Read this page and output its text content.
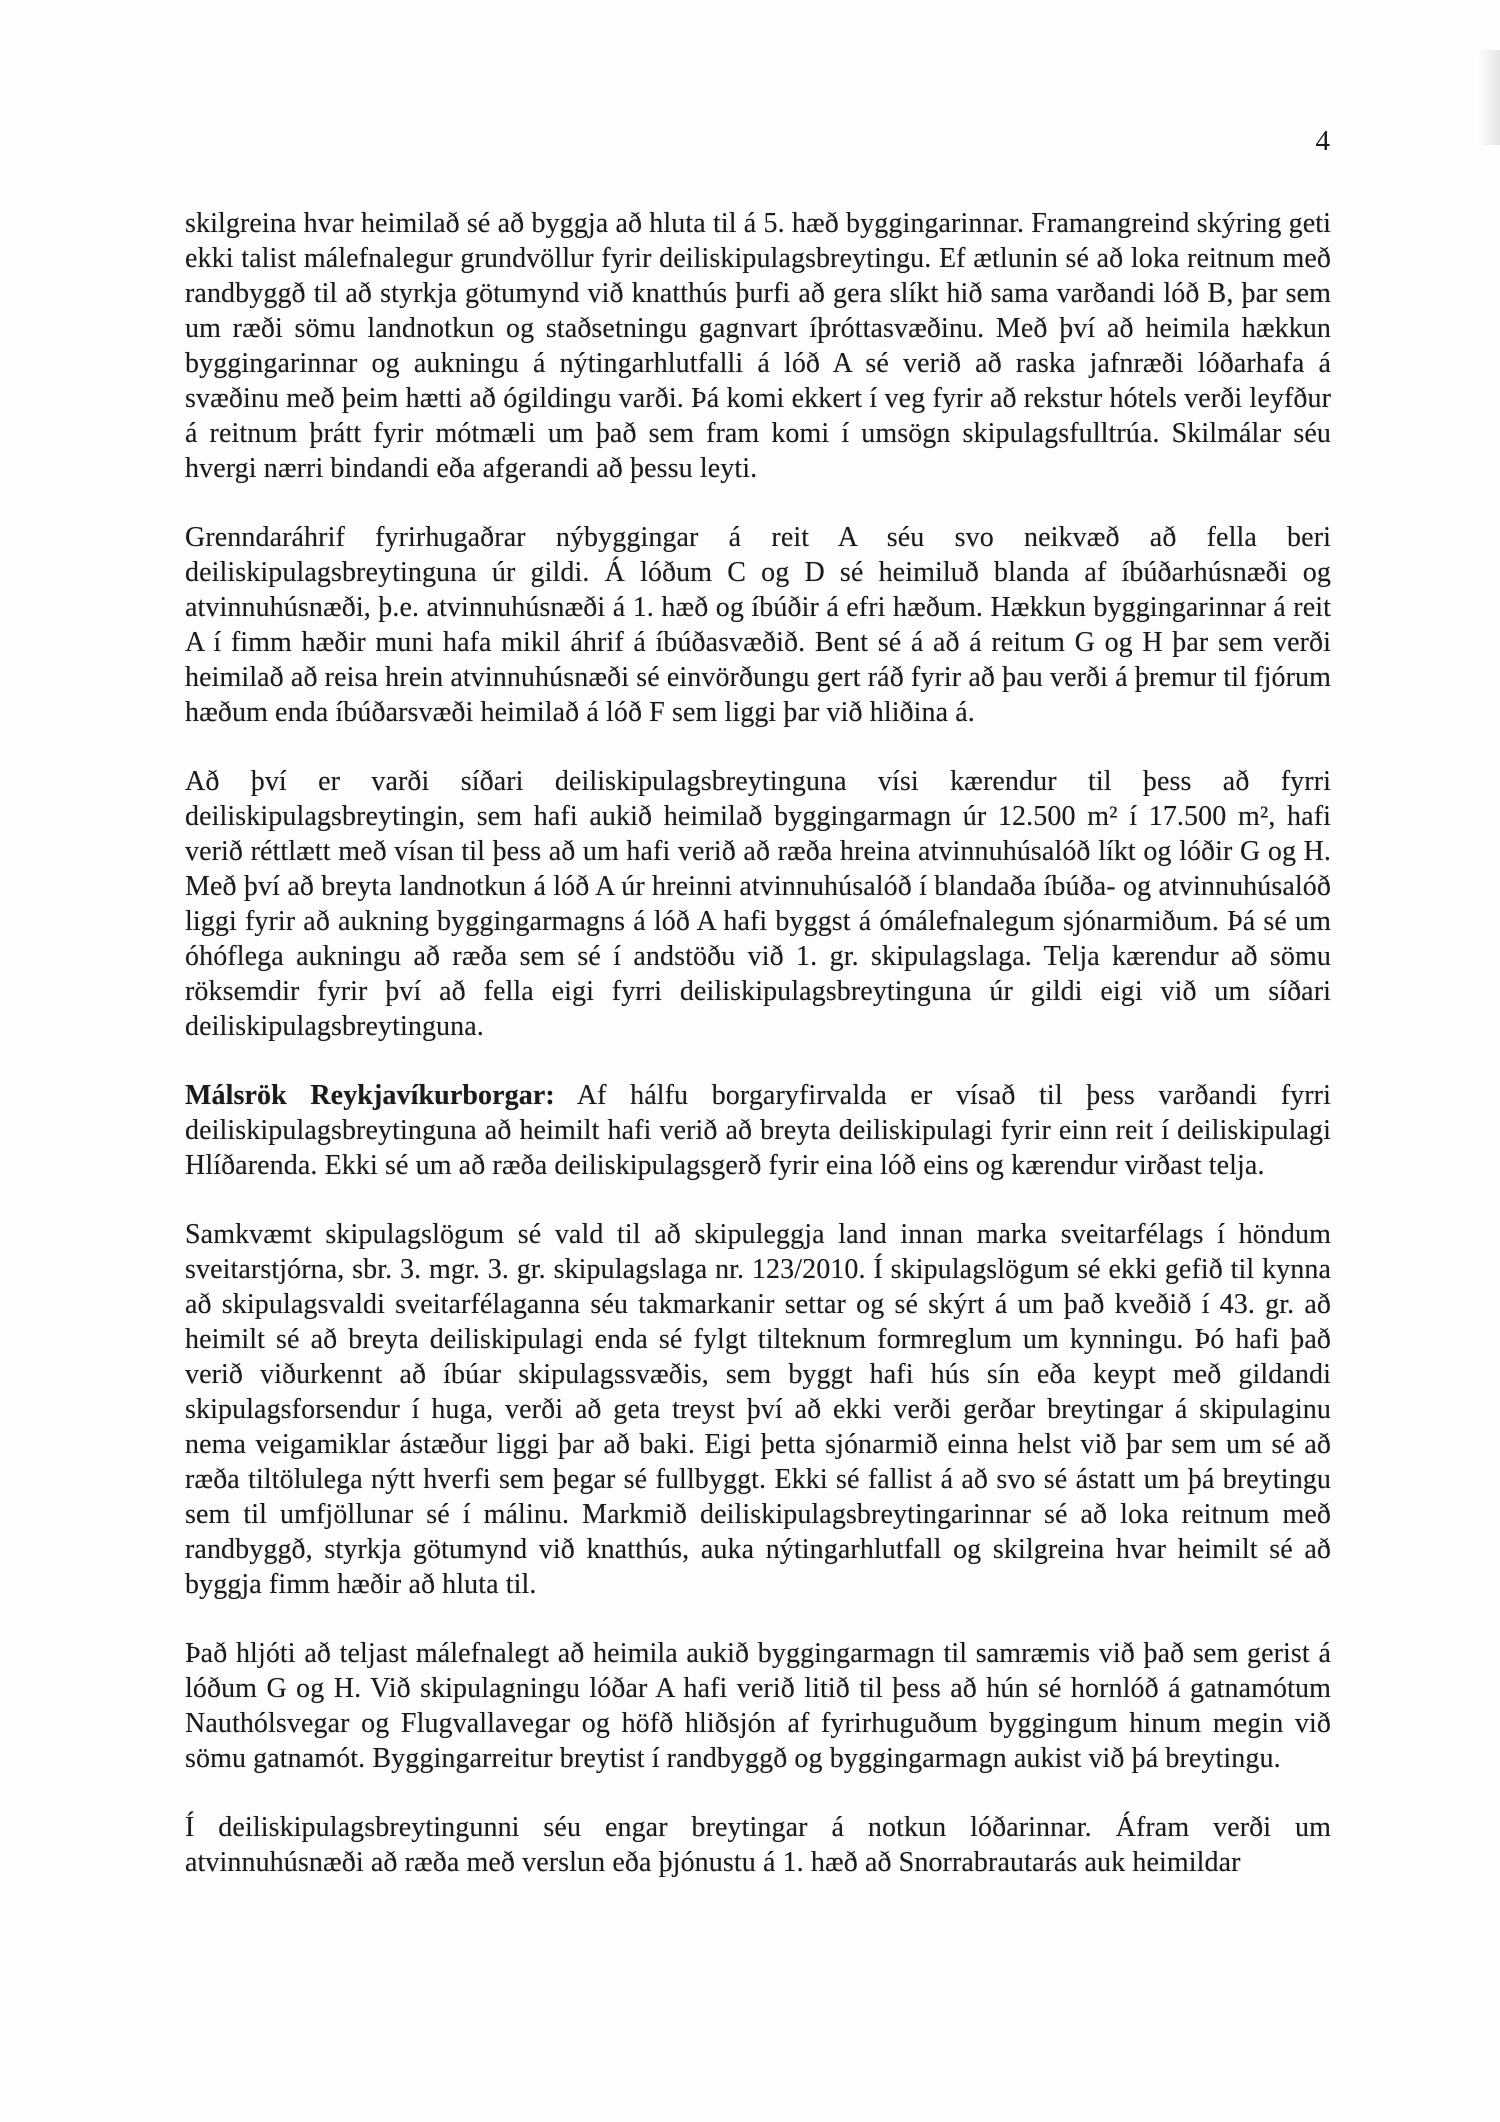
4

skilgreina hvar heimilað sé að byggja að hluta til á 5. hæð byggingarinnar. Framangreind skýring geti ekki talist málefnalegur grundvöllur fyrir deiliskipulagsbreytingu. Ef ætlunin sé að loka reitnum með randbyggð til að styrkja götumynd við knatthús þurfi að gera slíkt hið sama varðandi lóð B, þar sem um ræði sömu landnotkun og staðsetningu gagnvart íþróttasvæðinu. Með því að heimila hækkun byggingarinnar og aukningu á nýtingarhlutfalli á lóð A sé verið að raska jafnræði lóðarhafa á svæðinu með þeim hætti að ógildingu varði. Þá komi ekkert í veg fyrir að rekstur hótels verði leyfður á reitnum þrátt fyrir mótmæli um það sem fram komi í umsögn skipulagsfulltrúa. Skilmálar séu hvergi nærri bindandi eða afgerandi að þessu leyti.

Grenndaráhrif fyrirhugaðrar nýbyggingar á reit A séu svo neikvæð að fella beri deiliskipulagsbreytinguna úr gildi. Á lóðum C og D sé heimiluð blanda af íbúðarhúsnæði og atvinnuhúsnæði, þ.e. atvinnuhúsnæði á 1. hæð og íbúðir á efri hæðum. Hækkun byggingarinnar á reit A í fimm hæðir muni hafa mikil áhrif á íbúðasvæðið. Bent sé á að á reitum G og H þar sem verði heimilað að reisa hrein atvinnuhúsnæði sé einvörðungu gert ráð fyrir að þau verði á þremur til fjórum hæðum enda íbúðarsvæði heimilað á lóð F sem liggi þar við hliðina á.

Að því er varði síðari deiliskipulagsbreytinguna vísi kærendur til þess að fyrri deiliskipulagsbreytingin, sem hafi aukið heimilað byggingarmagn úr 12.500 m² í 17.500 m², hafi verið réttlætt með vísan til þess að um hafi verið að ræða hreina atvinnuhúsalóð líkt og lóðir G og H. Með því að breyta landnotkun á lóð A úr hreinni atvinnuhúsalóð í blandaða íbúða- og atvinnuhúsalóð liggi fyrir að aukning byggingarmagns á lóð A hafi byggst á ómálefnalegum sjónarmiðum. Þá sé um óhóflega aukningu að ræða sem sé í andstöðu við 1. gr. skipulagslaga. Telja kærendur að sömu röksemdir fyrir því að fella eigi fyrri deiliskipulagsbreytinguna úr gildi eigi við um síðari deiliskipulagsbreytinguna.

Málsrök Reykjavíkurborgar: Af hálfu borgaryfirvalda er vísað til þess varðandi fyrri deiliskipulagsbreytinguna að heimilt hafi verið að breyta deiliskipulagi fyrir einn reit í deiliskipulagi Hlíðarenda. Ekki sé um að ræða deiliskipulagsgerð fyrir eina lóð eins og kærendur virðast telja.

Samkvæmt skipulagslögum sé vald til að skipuleggja land innan marka sveitarfélags í höndum sveitarstjórna, sbr. 3. mgr. 3. gr. skipulagslaga nr. 123/2010. Í skipulagslögum sé ekki gefið til kynna að skipulagsvaldi sveitarfélaganna séu takmarkanir settar og sé skýrt á um það kveðið í 43. gr. að heimilt sé að breyta deiliskipulagi enda sé fylgt tilteknum formreglum um kynningu. Þó hafi það verið viðurkennt að íbúar skipulagssvæðis, sem byggt hafi hús sín eða keypt með gildandi skipulagsforsendur í huga, verði að geta treyst því að ekki verði gerðar breytingar á skipulaginu nema veigamiklar ástæður liggi þar að baki. Eigi þetta sjónarmið einna helst við þar sem um sé að ræða tiltölulega nýtt hverfi sem þegar sé fullbyggt. Ekki sé fallist á að svo sé ástatt um þá breytingu sem til umfjöllunar sé í málinu. Markmið deiliskipulagsbreytingarinnar sé að loka reitnum með randbyggð, styrkja götumynd við knatthús, auka nýtingarhlutfall og skilgreina hvar heimilt sé að byggja fimm hæðir að hluta til.

Það hljóti að teljast málefnalegt að heimila aukið byggingarmagn til samræmis við það sem gerist á lóðum G og H. Við skipulagningu lóðar A hafi verið litið til þess að hún sé hornlóð á gatnamótum Nauthólsvegar og Flugvallavegar og höfð hliðsjón af fyrirhuguðum byggingum hinum megin við sömu gatnamót. Byggingarreitur breytist í randbyggð og byggingarmagn aukist við þá breytingu.

Í deiliskipulagsbreytingunni séu engar breytingar á notkun lóðarinnar. Áfram verði um atvinnuhúsnæði að ræða með verslun eða þjónustu á 1. hæð að Snorrabrautarás auk heimildar
